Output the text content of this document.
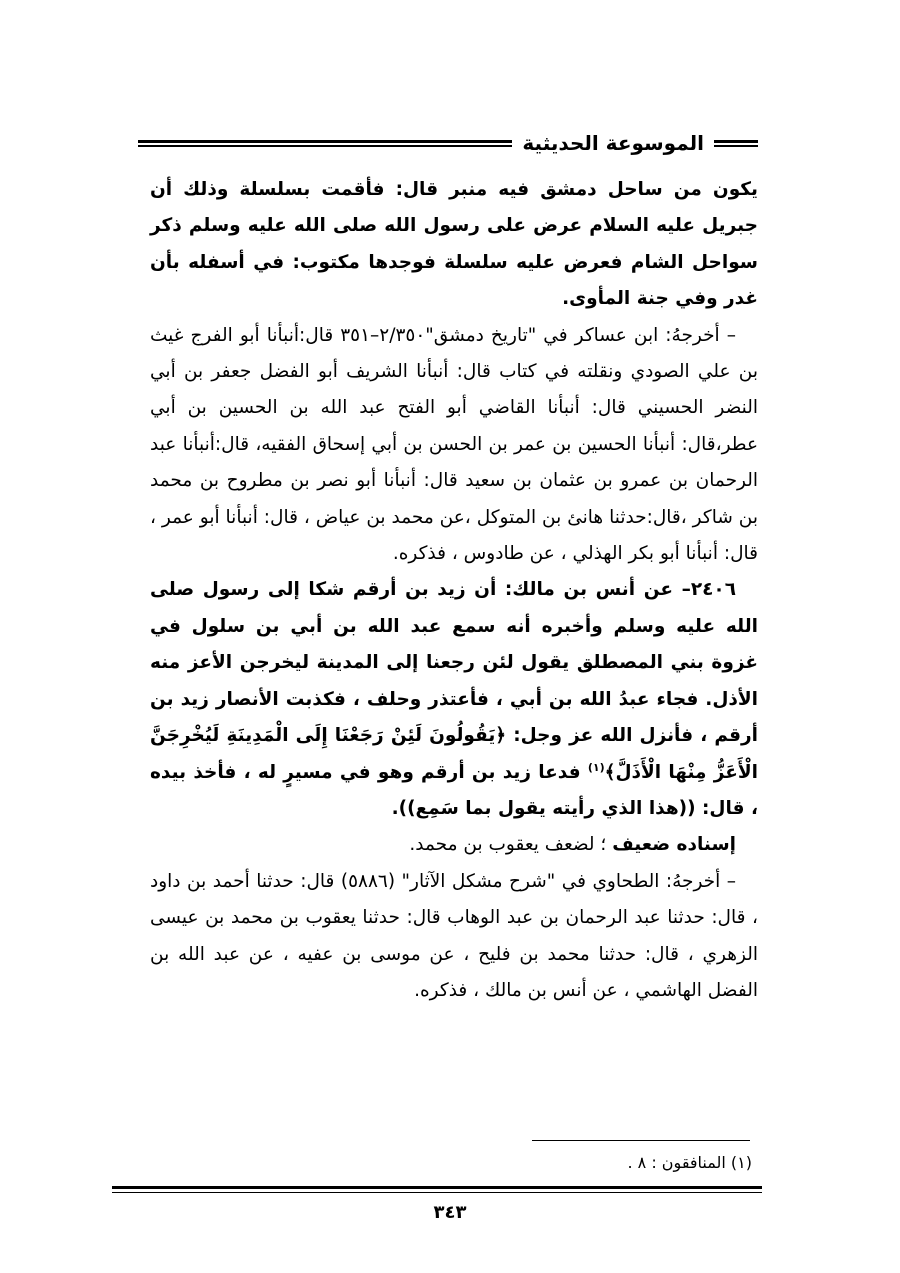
الموسوعة الحديثية

يكون من ساحل دمشق فيه منبر قال: فأقمت بسلسلة وذلك أن جبريل عليه السلام عرض على رسول الله صلى الله عليه وسلم ذكر سواحل الشام فعرض عليه سلسلة فوجدها مكتوب: في أسفله بأن غدر وفي جنة المأوى.

– أخرجهُ: ابن عساكر في "تاريخ دمشق"٢/٣٥٠–٣٥١ قال:أنبأنا أبو الفرج غيث بن علي الصودي ونقلته في كتاب قال: أنبأنا الشريف أبو الفضل جعفر بن أبي النضر الحسيني قال: أنبأنا القاضي أبو الفتح عبد الله بن الحسين بن أبي عطر،قال: أنبأنا الحسين بن عمر بن الحسن بن أبي إسحاق الفقيه، قال:أنبأنا عبد الرحمان بن عمرو بن عثمان بن سعيد قال: أنبأنا أبو نصر بن مطروح بن محمد بن شاكر ،قال:حدثنا هانئ بن المتوكل ،عن محمد بن عياض ، قال: أنبأنا أبو عمر ، قال: أنبأنا أبو بكر الهذلي ، عن طادوس ، فذكره.

٢٤٠٦– عن أنس بن مالك: أن زيد بن أرقم شكا إلى رسول صلى الله عليه وسلم وأخبره أنه سمع عبد الله بن أبي بن سلول في غزوة بني المصطلق يقول لئن رجعنا إلى المدينة ليخرجن الأعز منه الأذل. فجاء عبدُ الله بن أبي ، فأعتذر وحلف ، فكذبت الأنصار زيد بن أرقم ، فأنزل الله عز وجل: ﴿يَقُولُونَ لَئِنْ رَجَعْنَا إِلَى الْمَدِينَةِ لَيُخْرِجَنَّ الْأَعَزُّ مِنْهَا الْأَذَلَّ﴾$^{(١)}$ فدعا زيد بن أرقم وهو في مسيرٍ له ، فأخذ بيده ، قال: ((هذا الذي رأيته يقول بما سَمِع)).

إسناده ضعيف ؛ لضعف يعقوب بن محمد.

– أخرجهُ: الطحاوي في "شرح مشكل الآثار" (٥٨٨٦) قال: حدثنا أحمد بن داود ، قال: حدثنا عبد الرحمان بن عبد الوهاب قال: حدثنا يعقوب بن محمد بن عيسى الزهري ، قال: حدثنا محمد بن فليح ، عن موسى بن عفيه ، عن عبد الله بن الفضل الهاشمي ، عن أنس بن مالك ، فذكره.

(١) المنافقون : ٨ .
٣٤٣
